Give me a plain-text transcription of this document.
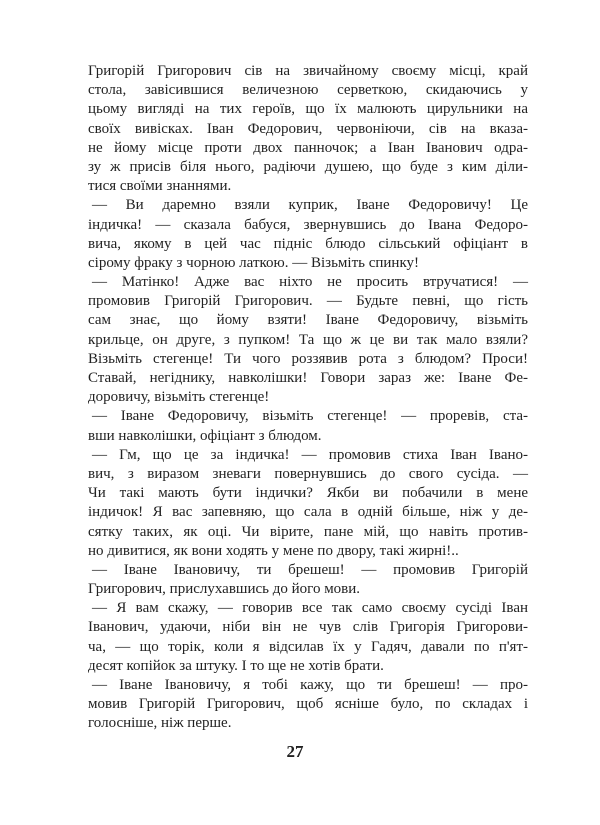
Григорій Григорович сів на звичайному своєму місці, край
стола, завісившися величезною серветкою, скидаючись у
цьому вигляді на тих героїв, що їх малюють цирульники на
своїх вивісках. Іван Федорович, червоніючи, сів на вказа-
не йому місце проти двох панночок; а Іван Іванович одра-
зу ж присів біля нього, радіючи душею, що буде з ким діли-
тися своїми знаннями.
— Ви даремно взяли куприк, Іване Федоровичу! Це
індичка! — сказала бабуся, звернувшись до Івана Федоро-
вича, якому в цей час підніс блюдо сільський офіціант в
сірому фраку з чорною латкою. — Візьміть спинку!
— Матінко! Адже вас ніхто не просить втручатися! —
промовив Григорій Григорович. — Будьте певні, що гість
сам знає, що йому взяти! Іване Федоровичу, візьміть
крильце, он друге, з пупком! Та що ж це ви так мало взяли?
Візьміть стегенце! Ти чого роззявив рота з блюдом? Проси!
Ставай, негіднику, навколішки! Говори зараз же: Іване Фе-
доровичу, візьміть стегенце!
— Іване Федоровичу, візьміть стегенце! — проревів, ста-
вши навколішки, офіціант з блюдом.
— Гм, що це за індичка! — промовив стиха Іван Івано-
вич, з виразом зневаги повернувшись до свого сусіда. —
Чи такі мають бути індички? Якби ви побачили в мене
індичок! Я вас запевняю, що сала в одній більше, ніж у де-
сятку таких, як оці. Чи вірите, пане мій, що навіть против-
но дивитися, як вони ходять у мене по двору, такі жирні!..
— Іване Івановичу, ти брешеш! — промовив Григорій
Григорович, прислухавшись до його мови.
— Я вам скажу, — говорив все так само своєму сусіді Іван
Іванович, удаючи, ніби він не чув слів Григорія Григорови-
ча, — що торік, коли я відсилав їх у Гадяч, давали по п'ят-
десят копійок за штуку. І то ще не хотів брати.
— Іване Івановичу, я тобі кажу, що ти брешеш! — про-
мовив Григорій Григорович, щоб ясніше було, по складах і
голосніше, ніж перше.
27
